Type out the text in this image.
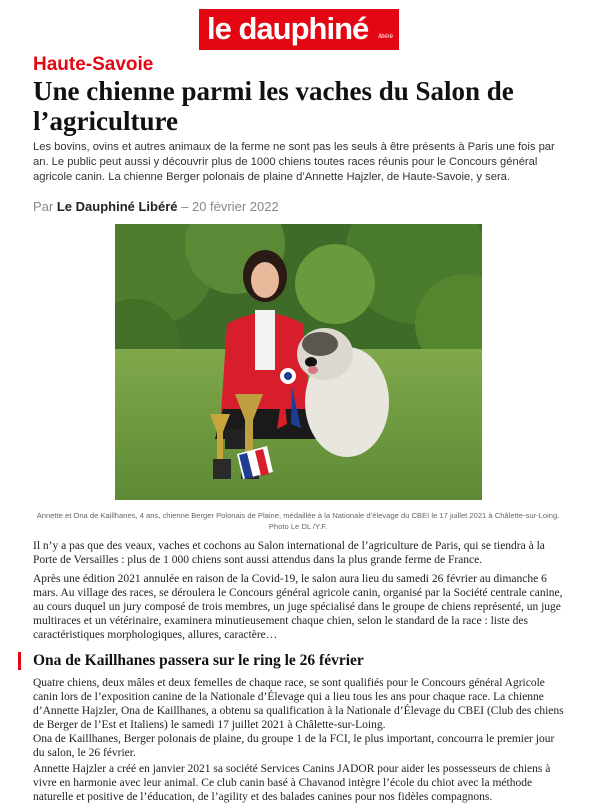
le dauphiné libéré
Haute-Savoie
Une chienne parmi les vaches du Salon de l’agriculture

Les bovins, ovins et autres animaux de la ferme ne sont pas les seuls à être présents à Paris une fois par an. Le public peut aussi y découvrir plus de 1000 chiens toutes races réunis pour le Concours général agricole canin. La chienne Berger polonais de plaine d’Annette Hajzler, de Haute-Savoie, y sera.

Par Le Dauphiné Libéré – 20 février 2022

Annette et Ona de Kaillhanes, 4 ans, chienne Berger Polonais de Plaine, médaillée à la Nationale d’élevage du CBEI le 17 juillet 2021 à Châlette-sur-Loing. Photo Le DL /Y.F.

Il n’y a pas que des veaux, vaches et cochons au Salon international de l’agriculture de Paris, qui se tiendra à la Porte de Versailles : plus de 1 000 chiens sont aussi attendus dans la plus grande ferme de France.

Après une édition 2021 annulée en raison de la Covid-19, le salon aura lieu du samedi 26 février au dimanche 6 mars. Au village des races, se déroulera le Concours général agricole canin, organisé par la Société centrale canine, au cours duquel un jury composé de trois membres, un juge spécialisé dans le groupe de chiens représenté, un juge multiraces et un vétérinaire, examinera minutieusement chaque chien, selon le standard de la race : liste des caractéristiques morphologiques, allures, caractère…

Ona de Kaillhanes passera sur le ring le 26 février

Quatre chiens, deux mâles et deux femelles de chaque race, se sont qualifiés pour le Concours général Agricole canin lors de l’exposition canine de la Nationale d’Élevage qui a lieu tous les ans pour chaque race. La chienne d’Annette Hajzler, Ona de Kaillhanes, a obtenu sa qualification à la Nationale d’Élevage du CBEI (Club des chiens de Berger de l’Est et Italiens) le samedi 17 juillet 2021 à Châlette-sur-Loing.

Ona de Kaillhanes, Berger polonais de plaine, du groupe 1 de la FCI, le plus important, concourra le premier jour du salon, le 26 février.

Annette Hajzler a créé en janvier 2021 sa société Services Canins JADOR pour aider les possesseurs de chiens à vivre en harmonie avec leur animal. Ce club canin basé à Chavanod intègre l’école du chiot avec la méthode naturelle et positive de l’éducation, de l’agility et des balades canines pour nos fidèles compagnons.
